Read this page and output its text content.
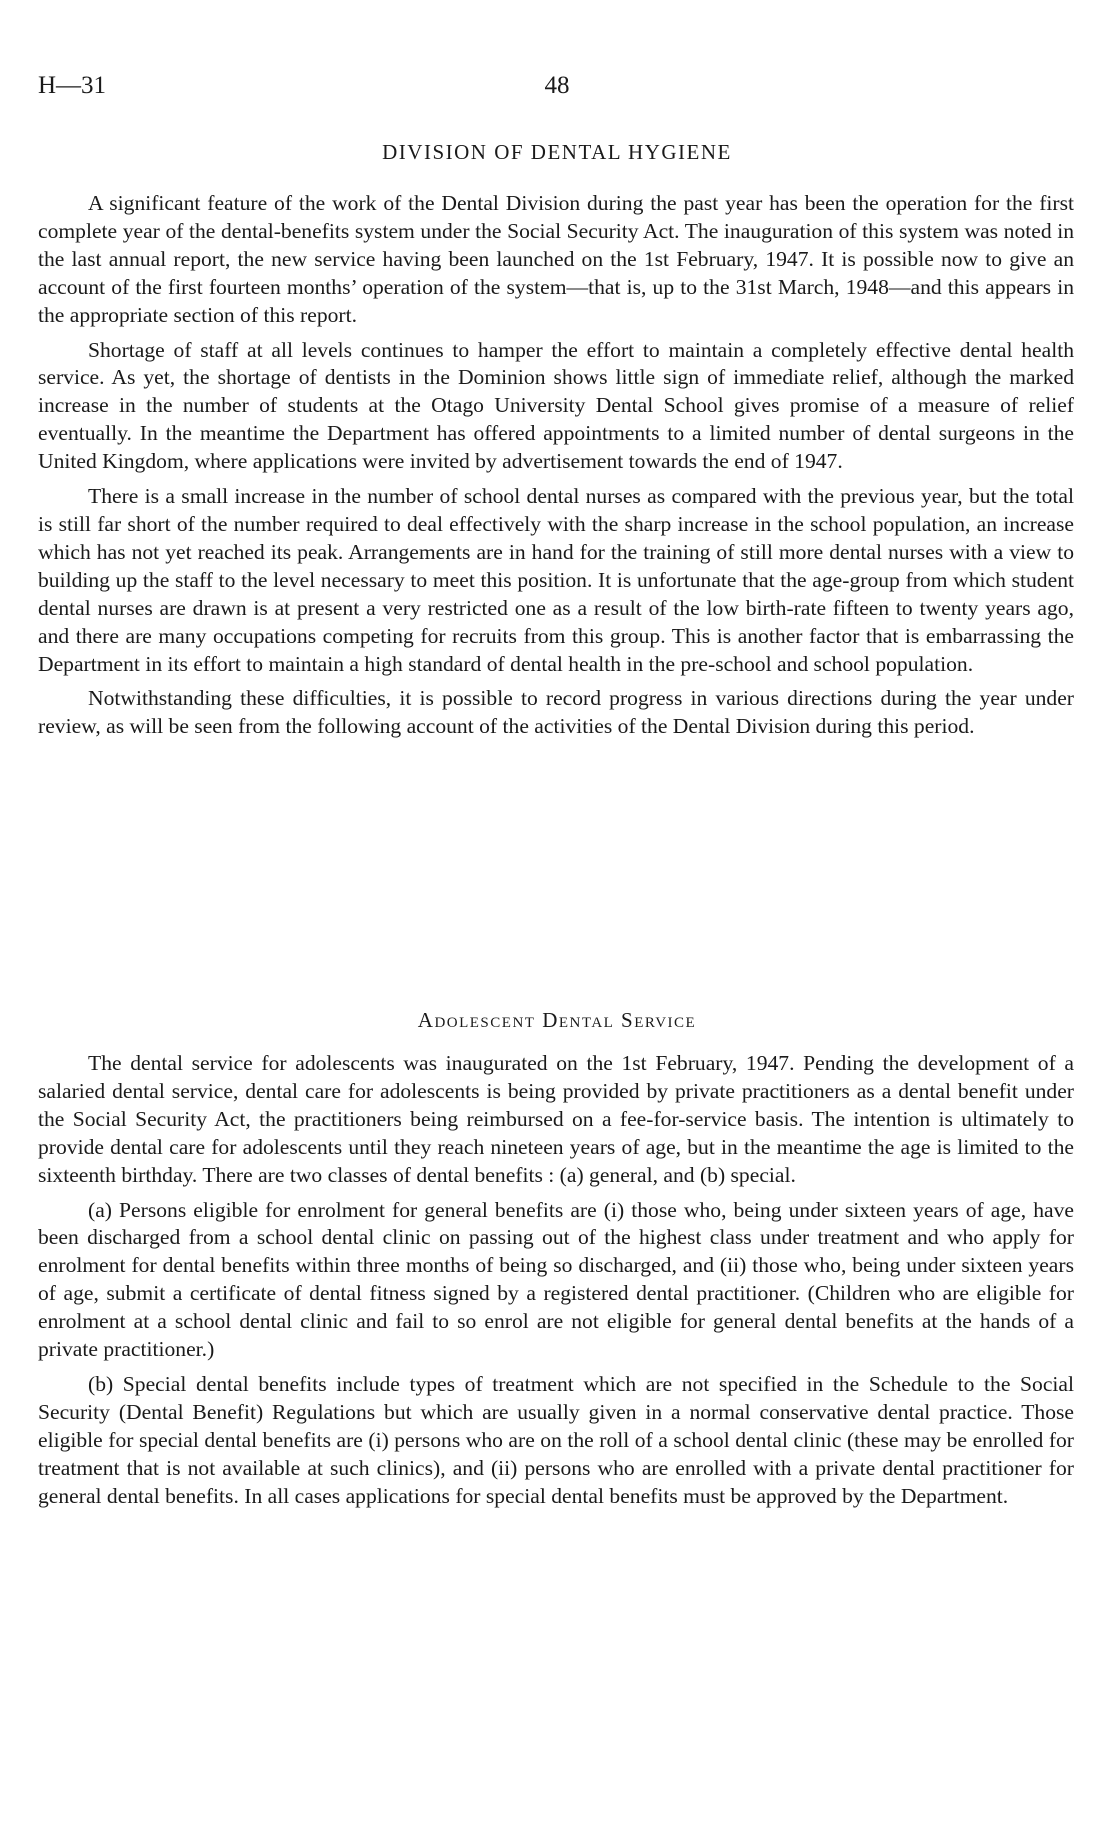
H—31	48
DIVISION OF DENTAL HYGIENE

A significant feature of the work of the Dental Division during the past year has been the operation for the first complete year of the dental-benefits system under the Social Security Act. The inauguration of this system was noted in the last annual report, the new service having been launched on the 1st February, 1947. It is possible now to give an account of the first fourteen months’ operation of the system—that is, up to the 31st March, 1948—and this appears in the appropriate section of this report.

Shortage of staff at all levels continues to hamper the effort to maintain a completely effective dental health service. As yet, the shortage of dentists in the Dominion shows little sign of immediate relief, although the marked increase in the number of students at the Otago University Dental School gives promise of a measure of relief eventually. In the meantime the Department has offered appointments to a limited number of dental surgeons in the United Kingdom, where applications were invited by advertisement towards the end of 1947.

There is a small increase in the number of school dental nurses as compared with the previous year, but the total is still far short of the number required to deal effectively with the sharp increase in the school population, an increase which has not yet reached its peak. Arrangements are in hand for the training of still more dental nurses with a view to building up the staff to the level necessary to meet this position. It is unfortunate that the age-group from which student dental nurses are drawn is at present a very restricted one as a result of the low birth-rate fifteen to twenty years ago, and there are many occupations competing for recruits from this group. This is another factor that is embarrassing the Department in its effort to maintain a high standard of dental health in the pre-school and school population.

Notwithstanding these difficulties, it is possible to record progress in various directions during the year under review, as will be seen from the following account of the activities of the Dental Division during this period.

Adolescent Dental Service

The dental service for adolescents was inaugurated on the 1st February, 1947. Pending the development of a salaried dental service, dental care for adolescents is being provided by private practitioners as a dental benefit under the Social Security Act, the practitioners being reimbursed on a fee-for-service basis. The intention is ultimately to provide dental care for adolescents until they reach nineteen years of age, but in the meantime the age is limited to the sixteenth birthday. There are two classes of dental benefits : (a) general, and (b) special.

(a) Persons eligible for enrolment for general benefits are (i) those who, being under sixteen years of age, have been discharged from a school dental clinic on passing out of the highest class under treatment and who apply for enrolment for dental benefits within three months of being so discharged, and (ii) those who, being under sixteen years of age, submit a certificate of dental fitness signed by a registered dental practitioner. (Children who are eligible for enrolment at a school dental clinic and fail to so enrol are not eligible for general dental benefits at the hands of a private practitioner.)

(b) Special dental benefits include types of treatment which are not specified in the Schedule to the Social Security (Dental Benefit) Regulations but which are usually given in a normal conservative dental practice. Those eligible for special dental benefits are (i) persons who are on the roll of a school dental clinic (these may be enrolled for treatment that is not available at such clinics), and (ii) persons who are enrolled with a private dental practitioner for general dental benefits. In all cases applications for special dental benefits must be approved by the Department.
